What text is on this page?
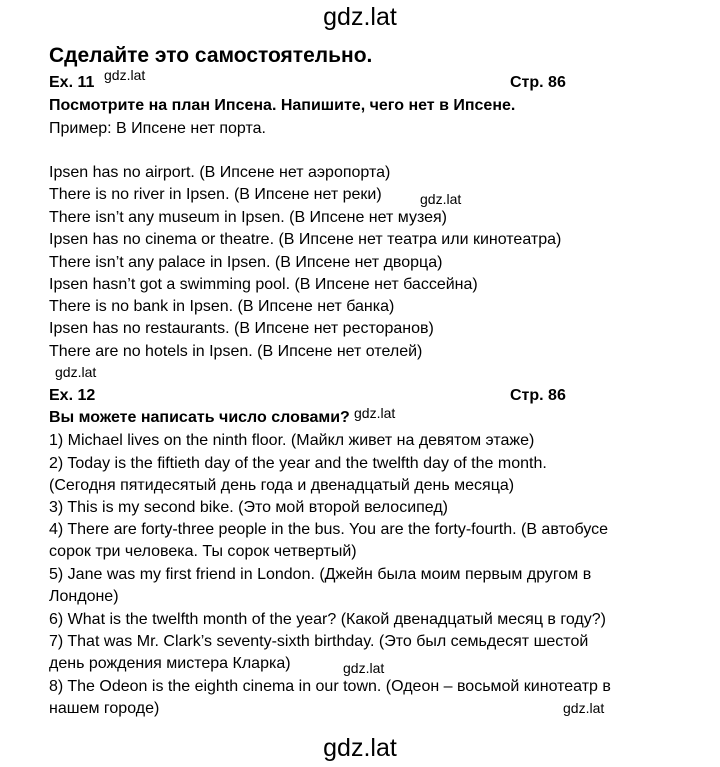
gdz.lat
Сделайте это самостоятельно.
Ex. 11 gdz.lat	Стр. 86
Посмотрите на план Ипсена. Напишите, чего нет в Ипсене.
Пример: В Ипсене нет порта.
Ipsen has no airport. (В Ипсене нет аэропорта)
There is no river in Ipsen. (В Ипсене нет реки)	gdz.lat
There isn’t any museum in Ipsen. (В Ипсене нет музея)
Ipsen has no cinema or theatre. (В Ипсене нет театра или кинотеатра)
There isn’t any palace in Ipsen. (В Ипсене нет дворца)
Ipsen hasn’t got a swimming pool. (В Ипсене нет бассейна)
There is no bank in Ipsen. (В Ипсене нет банка)
Ipsen has no restaurants. (В Ипсене нет ресторанов)
There are no hotels in Ipsen. (В Ипсене нет отелей)
gdz.lat
Ex. 12	Стр. 86
Вы можете написать число словами? gdz.lat
1) Michael lives on the ninth floor. (Майкл живет на девятом этаже)
2) Today is the fiftieth day of the year and the twelfth day of the month.
(Сегодня пятидесятый день года и двенадцатый день месяца)
3) This is my second bike. (Это мой второй велосипед)
4) There are forty-three people in the bus. You are the forty-fourth. (В автобусе
сорок три человека. Ты сорок четвертый)
5) Jane was my first friend in London. (Джейн была моим первым другом в
Лондоне)
6) What is the twelfth month of the year? (Какой двенадцатый месяц в году?)
7) That was Mr. Clark’s seventy-sixth birthday. (Это был семьдесят шестой
день рождения мистера Кларка)	gdz.lat
8) The Odeon is the eighth cinema in our town. (Одеон – восьмой кинотеатр в
нашем городе)	gdz.lat
gdz.lat
